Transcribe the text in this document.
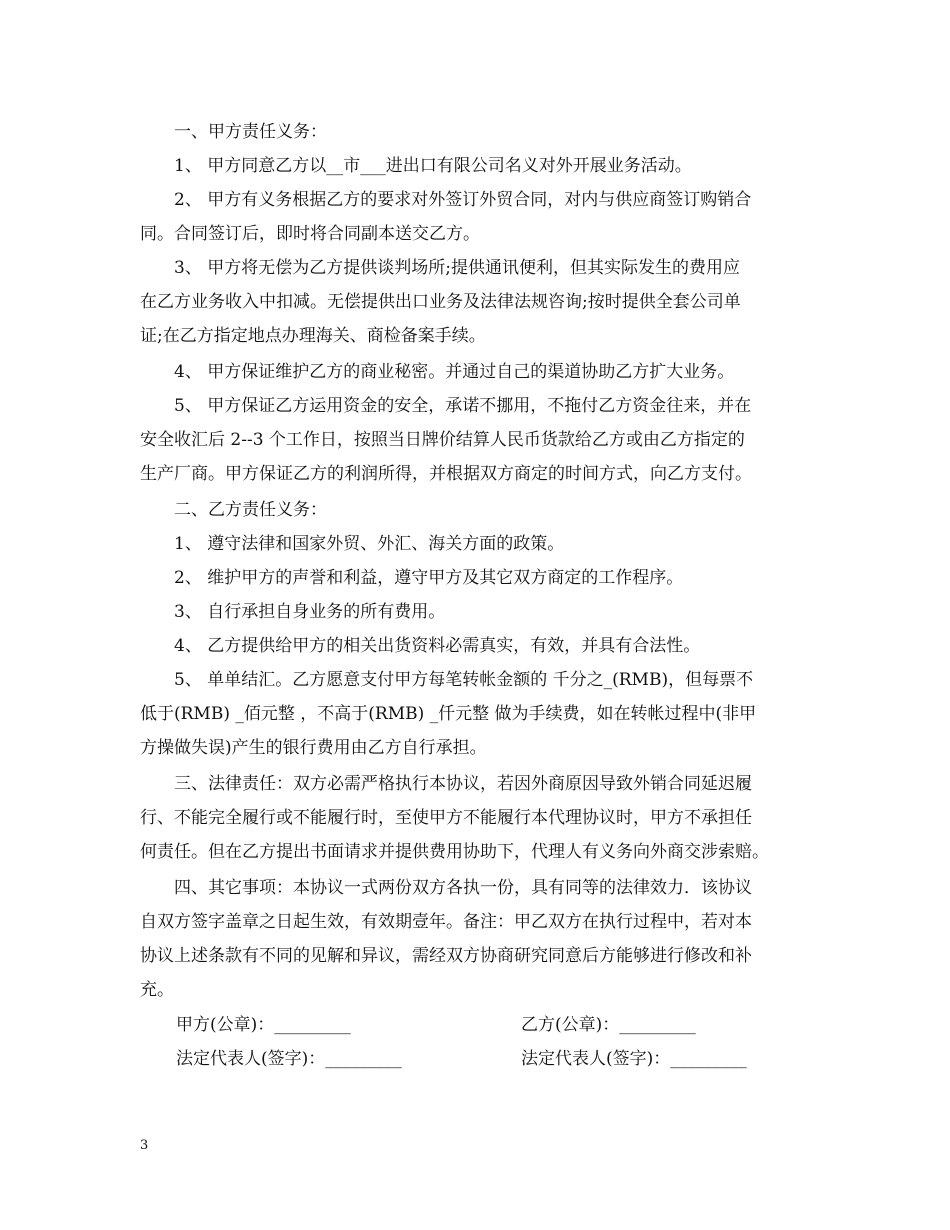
一、甲方责任义务：
1、 甲方同意乙方以__市___进出口有限公司名义对外开展业务活动。
2、 甲方有义务根据乙方的要求对外签订外贸合同，对内与供应商签订购销合
同。合同签订后，即时将合同副本送交乙方。
3、 甲方将无偿为乙方提供谈判场所;提供通讯便利，但其实际发生的费用应
在乙方业务收入中扣减。无偿提供出口业务及法律法规咨询;按时提供全套公司单
证;在乙方指定地点办理海关、商检备案手续。
4、 甲方保证维护乙方的商业秘密。并通过自己的渠道协助乙方扩大业务。
5、 甲方保证乙方运用资金的安全，承诺不挪用，不拖付乙方资金往来，并在
安全收汇后 2--3 个工作日，按照当日牌价结算人民币货款给乙方或由乙方指定的
生产厂商。甲方保证乙方的利润所得，并根据双方商定的时间方式，向乙方支付。
二、乙方责任义务：
1、 遵守法律和国家外贸、外汇、海关方面的政策。
2、 维护甲方的声誉和利益，遵守甲方及其它双方商定的工作程序。
3、 自行承担自身业务的所有费用。
4、 乙方提供给甲方的相关出货资料必需真实，有效，并具有合法性。
5、 单单结汇。乙方愿意支付甲方每笔转帐金额的 千分之_(RMB)，但每票不
低于(RMB) _佰元整 ，不高于(RMB) _仟元整 做为手续费，如在转帐过程中(非甲
方操做失误)产生的银行费用由乙方自行承担。
三、法律责任：双方必需严格执行本协议，若因外商原因导致外销合同延迟履
行、不能完全履行或不能履行时，至使甲方不能履行本代理协议时，甲方不承担任
何责任。但在乙方提出书面请求并提供费用协助下，代理人有义务向外商交涉索赔。
四、其它事项：本协议一式两份双方各执一份，具有同等的法律效力．该协议
自双方签字盖章之日起生效，有效期壹年。备注：甲乙双方在执行过程中，若对本
协议上述条款有不同的见解和异议，需经双方协商研究同意后方能够进行修改和补
充。
甲方(公章)：_________	乙方(公章)：_________
法定代表人(签字)：_________	法定代表人(签字)：_________
3
